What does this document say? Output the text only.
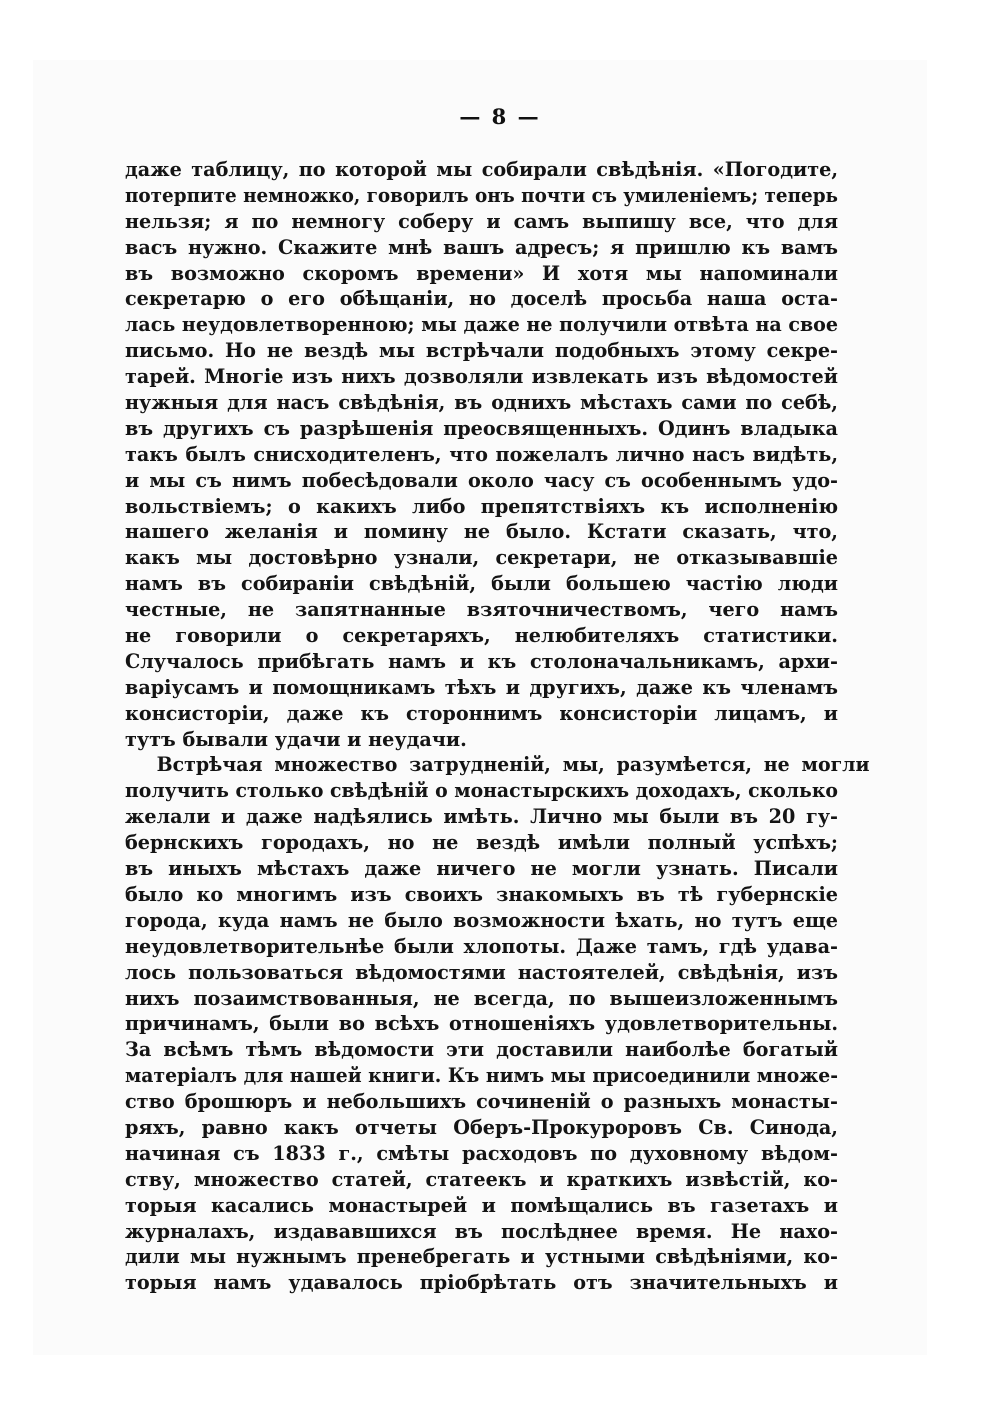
— 8 —
даже таблицу, по которой мы собирали свѣдѣнія. «Погодите,
потерпите немножко, говорилъ онъ почти съ умиленіемъ; теперь
нельзя; я по немногу соберу и самъ выпишу все, что для
васъ нужно. Скажите мнѣ вашъ адресъ; я пришлю къ вамъ
въ возможно скоромъ времени» И хотя мы напоминали
секретарю о его обѣщаніи, но доселѣ просьба наша оста-
лась неудовлетворенною; мы даже не получили отвѣта на свое
письмо. Но не вездѣ мы встрѣчали подобныхъ этому секре-
тарей. Многіе изъ нихъ дозволяли извлекать изъ вѣдомостей
нужныя для насъ свѣдѣнія, въ однихъ мѣстахъ сами по себѣ,
въ другихъ съ разрѣшенія преосвященныхъ. Одинъ владыка
такъ былъ снисходителенъ, что пожелалъ лично насъ видѣть,
и мы съ нимъ побесѣдовали около часу съ особеннымъ удо-
вольствіемъ; о какихъ либо препятствіяхъ къ исполненію
нашего желанія и помину не было. Кстати сказать, что,
какъ мы достовѣрно узнали, секретари, не отказывавшіе
намъ въ собираніи свѣдѣній, были большею частію люди
честные, не запятнанные взяточничествомъ, чего намъ
не говорили о секретаряхъ, нелюбителяхъ статистики.
Случалось прибѣгать намъ и къ столоначальникамъ, архи-
варіусамъ и помощникамъ тѣхъ и другихъ, даже къ членамъ
консисторіи, даже къ стороннимъ консисторіи лицамъ, и
тутъ бывали удачи и неудачи.
Встрѣчая множество затрудненій, мы, разумѣется, не могли
получить столько свѣдѣній о монастырскихъ доходахъ, сколько
желали и даже надѣялись имѣть. Лично мы были въ 20 гу-
бернскихъ городахъ, но не вездѣ имѣли полный успѣхъ;
въ иныхъ мѣстахъ даже ничего не могли узнать. Писали
было ко многимъ изъ своихъ знакомыхъ въ тѣ губернскіе
города, куда намъ не было возможности ѣхать, но тутъ еще
неудовлетворительнѣе были хлопоты. Даже тамъ, гдѣ удава-
лось пользоваться вѣдомостями настоятелей, свѣдѣнія, изъ
нихъ позаимствованныя, не всегда, по вышеизложеннымъ
причинамъ, были во всѣхъ отношеніяхъ удовлетворительны.
За всѣмъ тѣмъ вѣдомости эти доставили наиболѣе богатый
матеріалъ для нашей книги. Къ нимъ мы присоединили множе-
ство брошюръ и небольшихъ сочиненій о разныхъ монасты-
ряхъ, равно какъ отчеты Оберъ-Прокуроровъ Св. Синода,
начиная съ 1833 г., смѣты расходовъ по духовному вѣдом-
ству, множество статей, статеекъ и краткихъ извѣстій, ко-
торыя касались монастырей и помѣщались въ газетахъ и
журналахъ, издававшихся въ послѣднее время. Не нахо-
дили мы нужнымъ пренебрегать и устными свѣдѣніями, ко-
торыя намъ удавалось пріобрѣтать отъ значительныхъ и
